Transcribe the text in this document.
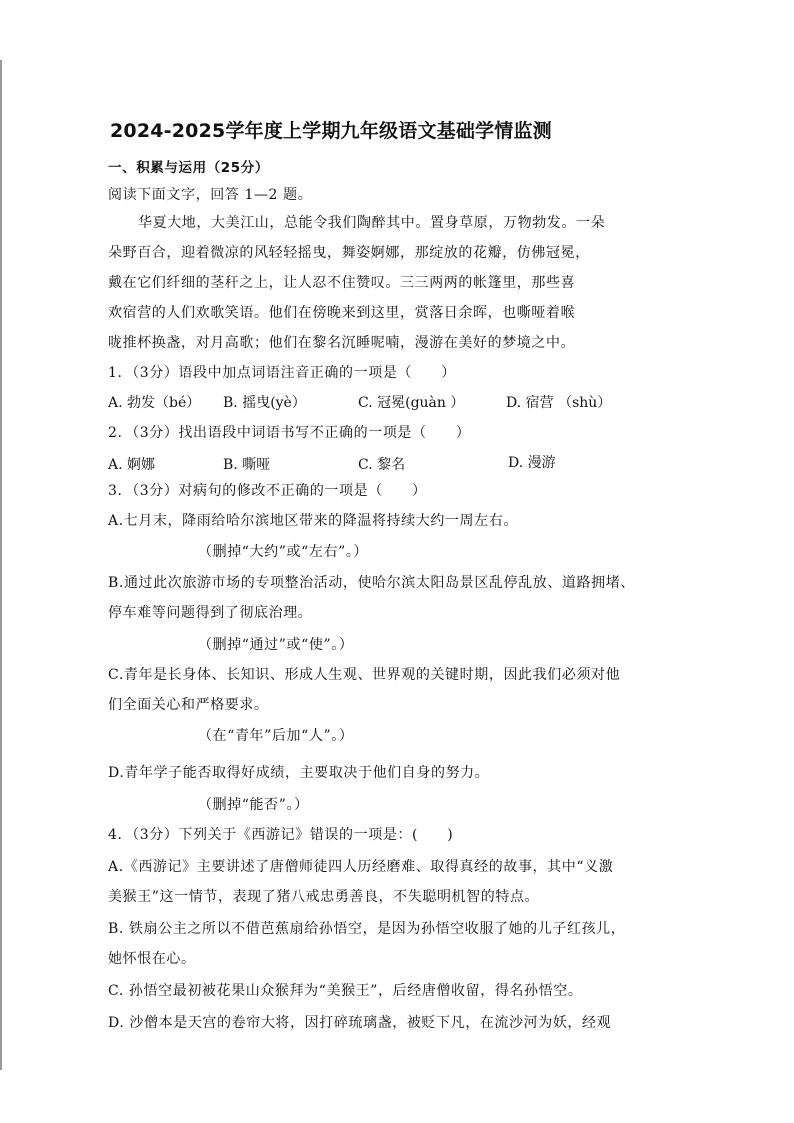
2024-2025学年度上学期九年级语文基础学情监测
一、积累与运用（25分）
阅读下面文字，回答 1—2 题。
华夏大地，大美江山，总能令我们陶醉其中。置身草原，万物勃发。一朵
朵野百合，迎着微凉的风轻轻摇曳，舞姿婀娜，那绽放的花瓣，仿佛冠冕，
戴在它们纤细的茎秆之上，让人忍不住赞叹。三三两两的帐篷里，那些喜
欢宿营的人们欢歌笑语。他们在傍晚来到这里，赏落日余晖，也嘶哑着喉
咙推杯换盏，对月高歌；他们在黎名沉睡呢喃，漫游在美好的梦境之中。
1．（3分）语段中加点词语注音正确的一项是（　　）
A. 勃发（bé） B. 摇曳(yè）	C. 冠冕(guàn ）	D. 宿营 （shù）
2．（3分）找出语段中词语书写不正确的一项是（　　）
A. 婀娜	B. 嘶哑	C. 黎名	D. 漫游
3．（3分）对病句的修改不正确的一项是（　　）
A.七月末，降雨给哈尔滨地区带来的降温将持续大约一周左右。
（删掉“大约”或“左右”。）
B.通过此次旅游市场的专项整治活动，使哈尔滨太阳岛景区乱停乱放、道路拥堵、
停车难等问题得到了彻底治理。
（删掉“通过”或“使”。）
C.青年是长身体、长知识、形成人生观、世界观的关键时期，因此我们必须对他
们全面关心和严格要求。
（在“青年”后加“人”。）
D.青年学子能否取得好成绩，主要取决于他们自身的努力。
（删掉“能否”。）
4．（3分）下列关于《西游记》错误的一项是：(　　)
A.《西游记》主要讲述了唐僧师徒四人历经磨难、取得真经的故事，其中“义激
美猴王”这一情节，表现了猪八戒忠勇善良，不失聪明机智的特点。
B. 铁扇公主之所以不借芭蕉扇给孙悟空，是因为孙悟空收服了她的儿子红孩儿，
她怀恨在心。
C. 孙悟空最初被花果山众猴拜为“美猴王”，后经唐僧收留，得名孙悟空。
D. 沙僧本是天宫的卷帘大将，因打碎琉璃盏，被贬下凡，在流沙河为妖，经观
